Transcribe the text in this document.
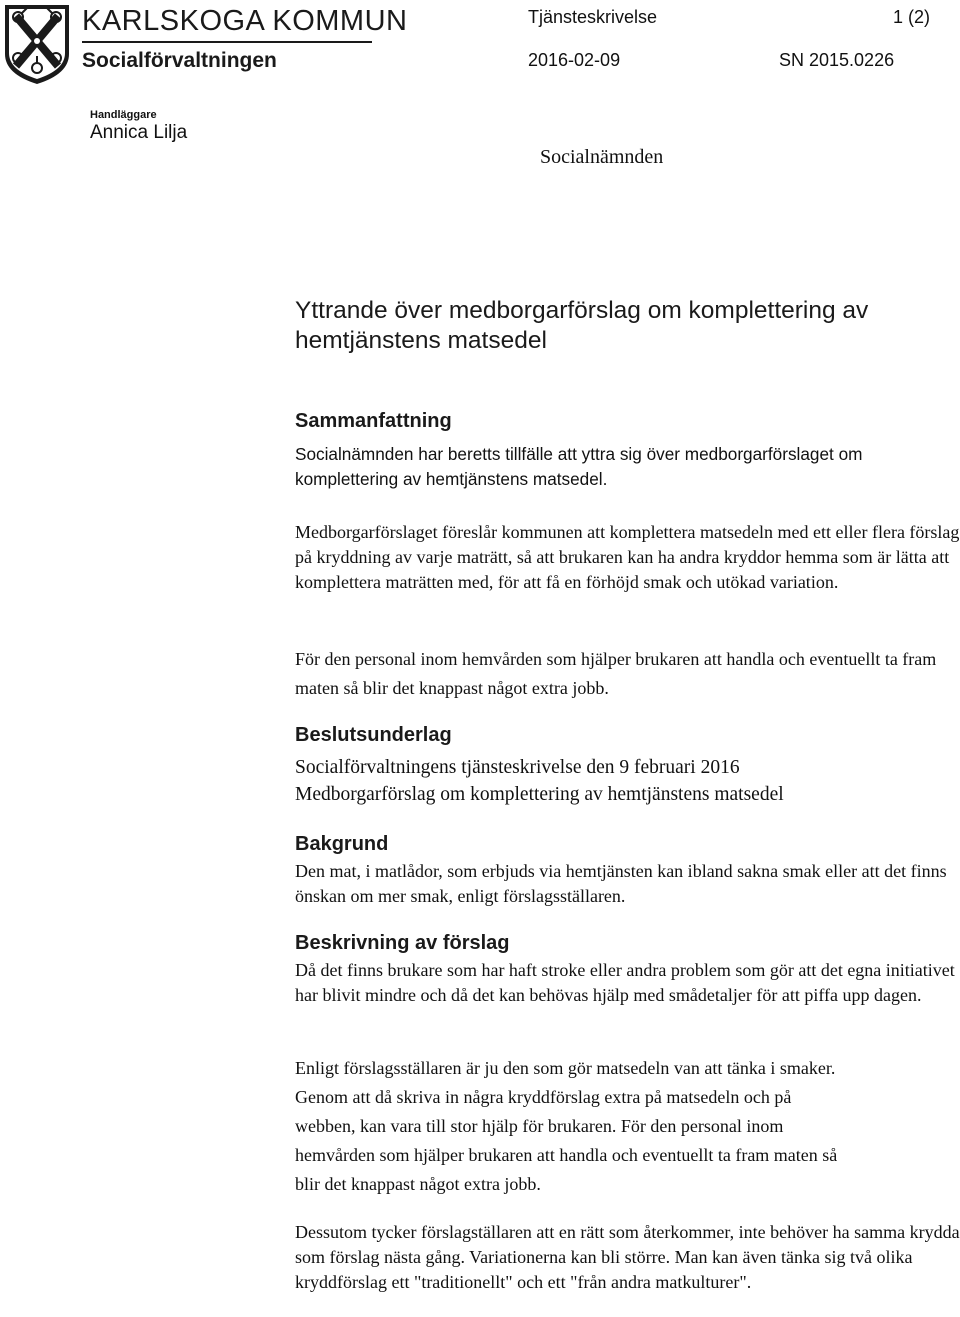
KARLSKOGA KOMMUN
Socialförvaltningen
Tjänsteskrivelse	1 (2)
2016-02-09	SN 2015.0226
Handläggare
Annica Lilja
Socialnämnden
Yttrande över medborgarförslag om komplettering av hemtjänstens matsedel
Sammanfattning

Socialnämnden har beretts tillfälle att yttra sig över medborgarförslaget om komplettering av hemtjänstens matsedel.

Medborgarförslaget föreslår kommunen att komplettera matsedeln med ett eller flera förslag på kryddning av varje maträtt, så att brukaren kan ha andra kryddor hemma som är lätta att komplettera maträtten med, för att få en förhöjd smak och utökad variation.

För den personal inom hemvården som hjälper brukaren att handla och eventuellt ta fram maten så blir det knappast något extra jobb.

Beslutsunderlag
Socialförvaltningens tjänsteskrivelse den 9 februari 2016
Medborgarförslag om komplettering av hemtjänstens matsedel
Bakgrund

Den mat, i matlådor, som erbjuds via hemtjänsten kan ibland sakna smak eller att det finns önskan om mer smak, enligt förslagsställaren.

Beskrivning av förslag

Då det finns brukare som har haft stroke eller andra problem som gör att det egna initiativet har blivit mindre och då det kan behövas hjälp med smådetaljer för att piffa upp dagen.

Enligt förslagsställaren är ju den som gör matsedeln van att tänka i smaker.
Genom att då skriva in några kryddförslag extra på matsedeln och på
webben, kan vara till stor hjälp för brukaren. För den personal inom
hemvården som hjälper brukaren att handla och eventuellt ta fram maten så
blir det knappast något extra jobb.

Dessutom tycker förslagställaren att en rätt som återkommer, inte behöver ha samma krydda som förslag nästa gång. Variationerna kan bli större. Man kan även tänka sig två olika kryddförslag ett "traditionellt" och ett "från andra matkulturer".
